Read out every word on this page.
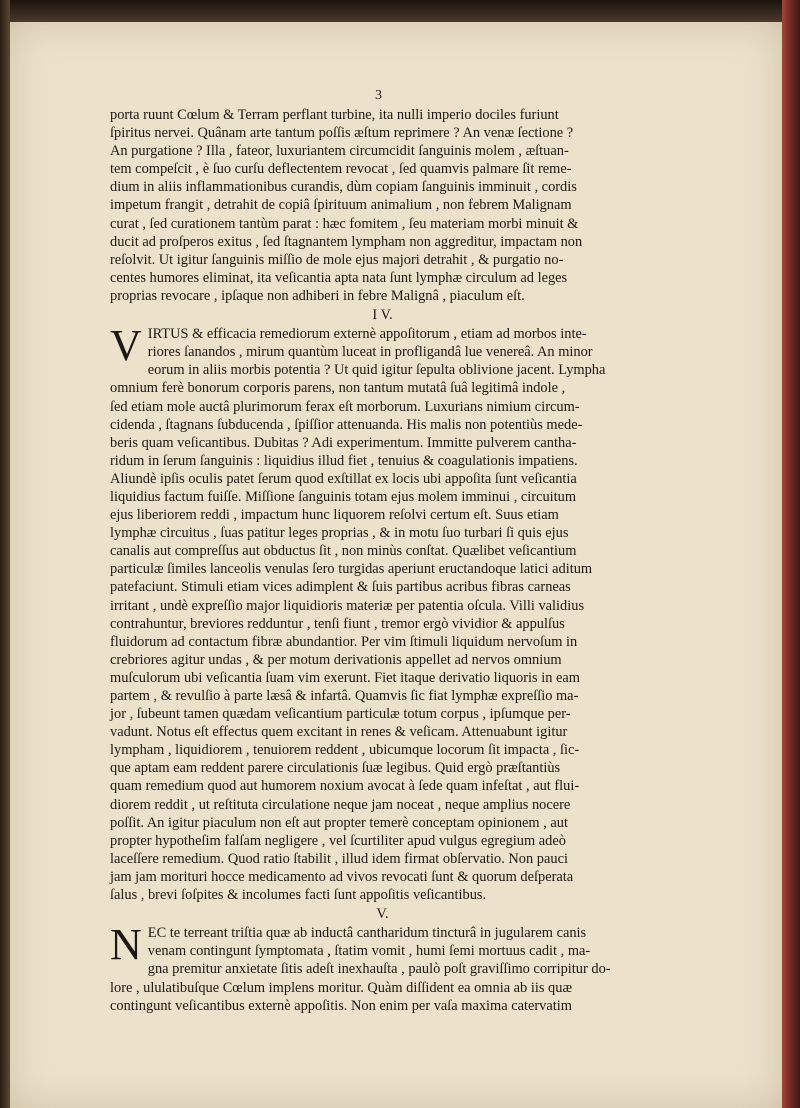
3
porta ruunt Cœlum & Terram perflant turbine, ita nulli imperio dociles furiunt
ſpiritus nervei. Quânam arte tantum poſſis æſtum reprimere ? An venæ ſectione ?
An purgatione ? Illa , fateor, luxuriantem circumcidit ſanguinis molem , æſtuan-
tem compeſcit , è ſuo curſu deflectentem revocat , ſed quamvis palmare ſit reme-
dium in aliis inflammationibus curandis, dùm copiam ſanguinis imminuit , cordis
impetum frangit , detrahit de copiâ ſpirituum animalium , non febrem Malignam
curat , ſed curationem tantùm parat : hæc fomitem , ſeu materiam morbi minuit &
ducit ad proſperos exitus , ſed ſtagnantem lympham non aggreditur, impactam non
reſolvit. Ut igitur ſanguinis miſſio de mole ejus majori detrahit , & purgatio no-
centes humores eliminat, ita veſicantia apta nata ſunt lymphæ circulum ad leges
proprias revocare , ipſaque non adhiberi in febre Malignâ , piaculum eſt.
I V.
V IRTUS & efficacia remediorum externè appoſitorum , etiam ad morbos inte-
riores ſanandos , mirum quantùm luceat in profligandâ lue venereâ. An minor
eorum in aliis morbis potentia ? Ut quid igitur ſepulta oblivione jacent. Lympha
omnium ferè bonorum corporis parens, non tantum mutatâ ſuâ legitimâ indole ,
ſed etiam mole auctâ plurimorum ferax eſt morborum. Luxurians nimium circum-
cidenda , ſtagnans ſubducenda , ſpiſſior attenuanda. His malis non potentiùs mede-
beris quam veſicantibus. Dubitas ? Adi experimentum. Immitte pulverem cantha-
ridum in ſerum ſanguinis : liquidius illud fiet , tenuius & coagulationis impatiens.
Aliundè ipſis oculis patet ſerum quod exſtillat ex locis ubi appoſita ſunt veſicantia
liquidius factum fuiſſe. Miſſione ſanguinis totam ejus molem imminui , circuitum
ejus liberiorem reddi , impactum hunc liquorem reſolvi certum eſt. Suus etiam
lymphæ circuitus , ſuas patitur leges proprias , & in motu ſuo turbari ſi quis ejus
canalis aut compreſſus aut obductus ſit , non minùs conſtat. Quælibet veſicantium
particulæ ſimiles lanceolis venulas ſero turgidas aperiunt eructandoque latici aditum
patefaciunt. Stimuli etiam vices adimplent & ſuis partibus acribus fibras carneas
irritant , undè expreſſio major liquidioris materiæ per patentia oſcula. Villi validius
contrahuntur, breviores redduntur , tenſi fiunt , tremor ergò vividior & appulſus
fluidorum ad contactum fibræ abundantior. Per vim ſtimuli liquidum nervoſum in
crebriores agitur undas , & per motum derivationis appellet ad nervos omnium
muſculorum ubi veſicantia ſuam vim exerunt. Fiet itaque derivatio liquoris in eam
partem , & revulſio à parte læsâ & infartâ. Quamvis ſic fiat lymphæ expreſſio ma-
jor , ſubeunt tamen quædam veſicantium particulæ totum corpus , ipſumque per-
vadunt. Notus eſt effectus quem excitant in renes & veſicam. Attenuabunt igitur
lympham , liquidiorem , tenuiorem reddent , ubicumque locorum ſit impacta , ſic-
que aptam eam reddent parere circulationis ſuæ legibus. Quid ergò præſtantiùs
quam remedium quod aut humorem noxium avocat à ſede quam infeſtat , aut flui-
diorem reddit , ut reſtituta circulatione neque jam noceat , neque amplius nocere
poſſit. An igitur piaculum non eſt aut propter temerè conceptam opinionem , aut
propter hypotheſim falſam negligere , vel ſcurtiliter apud vulgus egregium adeò
laceſſere remedium. Quod ratio ſtabilit , illud idem firmat obſervatio. Non pauci
jam jam morituri hocce medicamento ad vivos revocati ſunt & quorum deſperata
ſalus , brevi ſoſpites & incolumes facti ſunt appoſitis veſicantibus.
V.
N EC te terreant triſtia quæ ab inductâ cantharidum tincturâ in jugularem canis
venam contingunt ſymptomata , ſtatim vomit , humi ſemi mortuus cadit , ma-
gna premitur anxietate ſitis adeſt inexhauſta , paulò poſt graviſſimo corripitur do-
lore , ululatibuſque Cœlum implens moritur. Quàm diſſident ea omnia ab iis quæ
contingunt veſicantibus externè appoſitis. Non enim per vaſa maxima catervatim
